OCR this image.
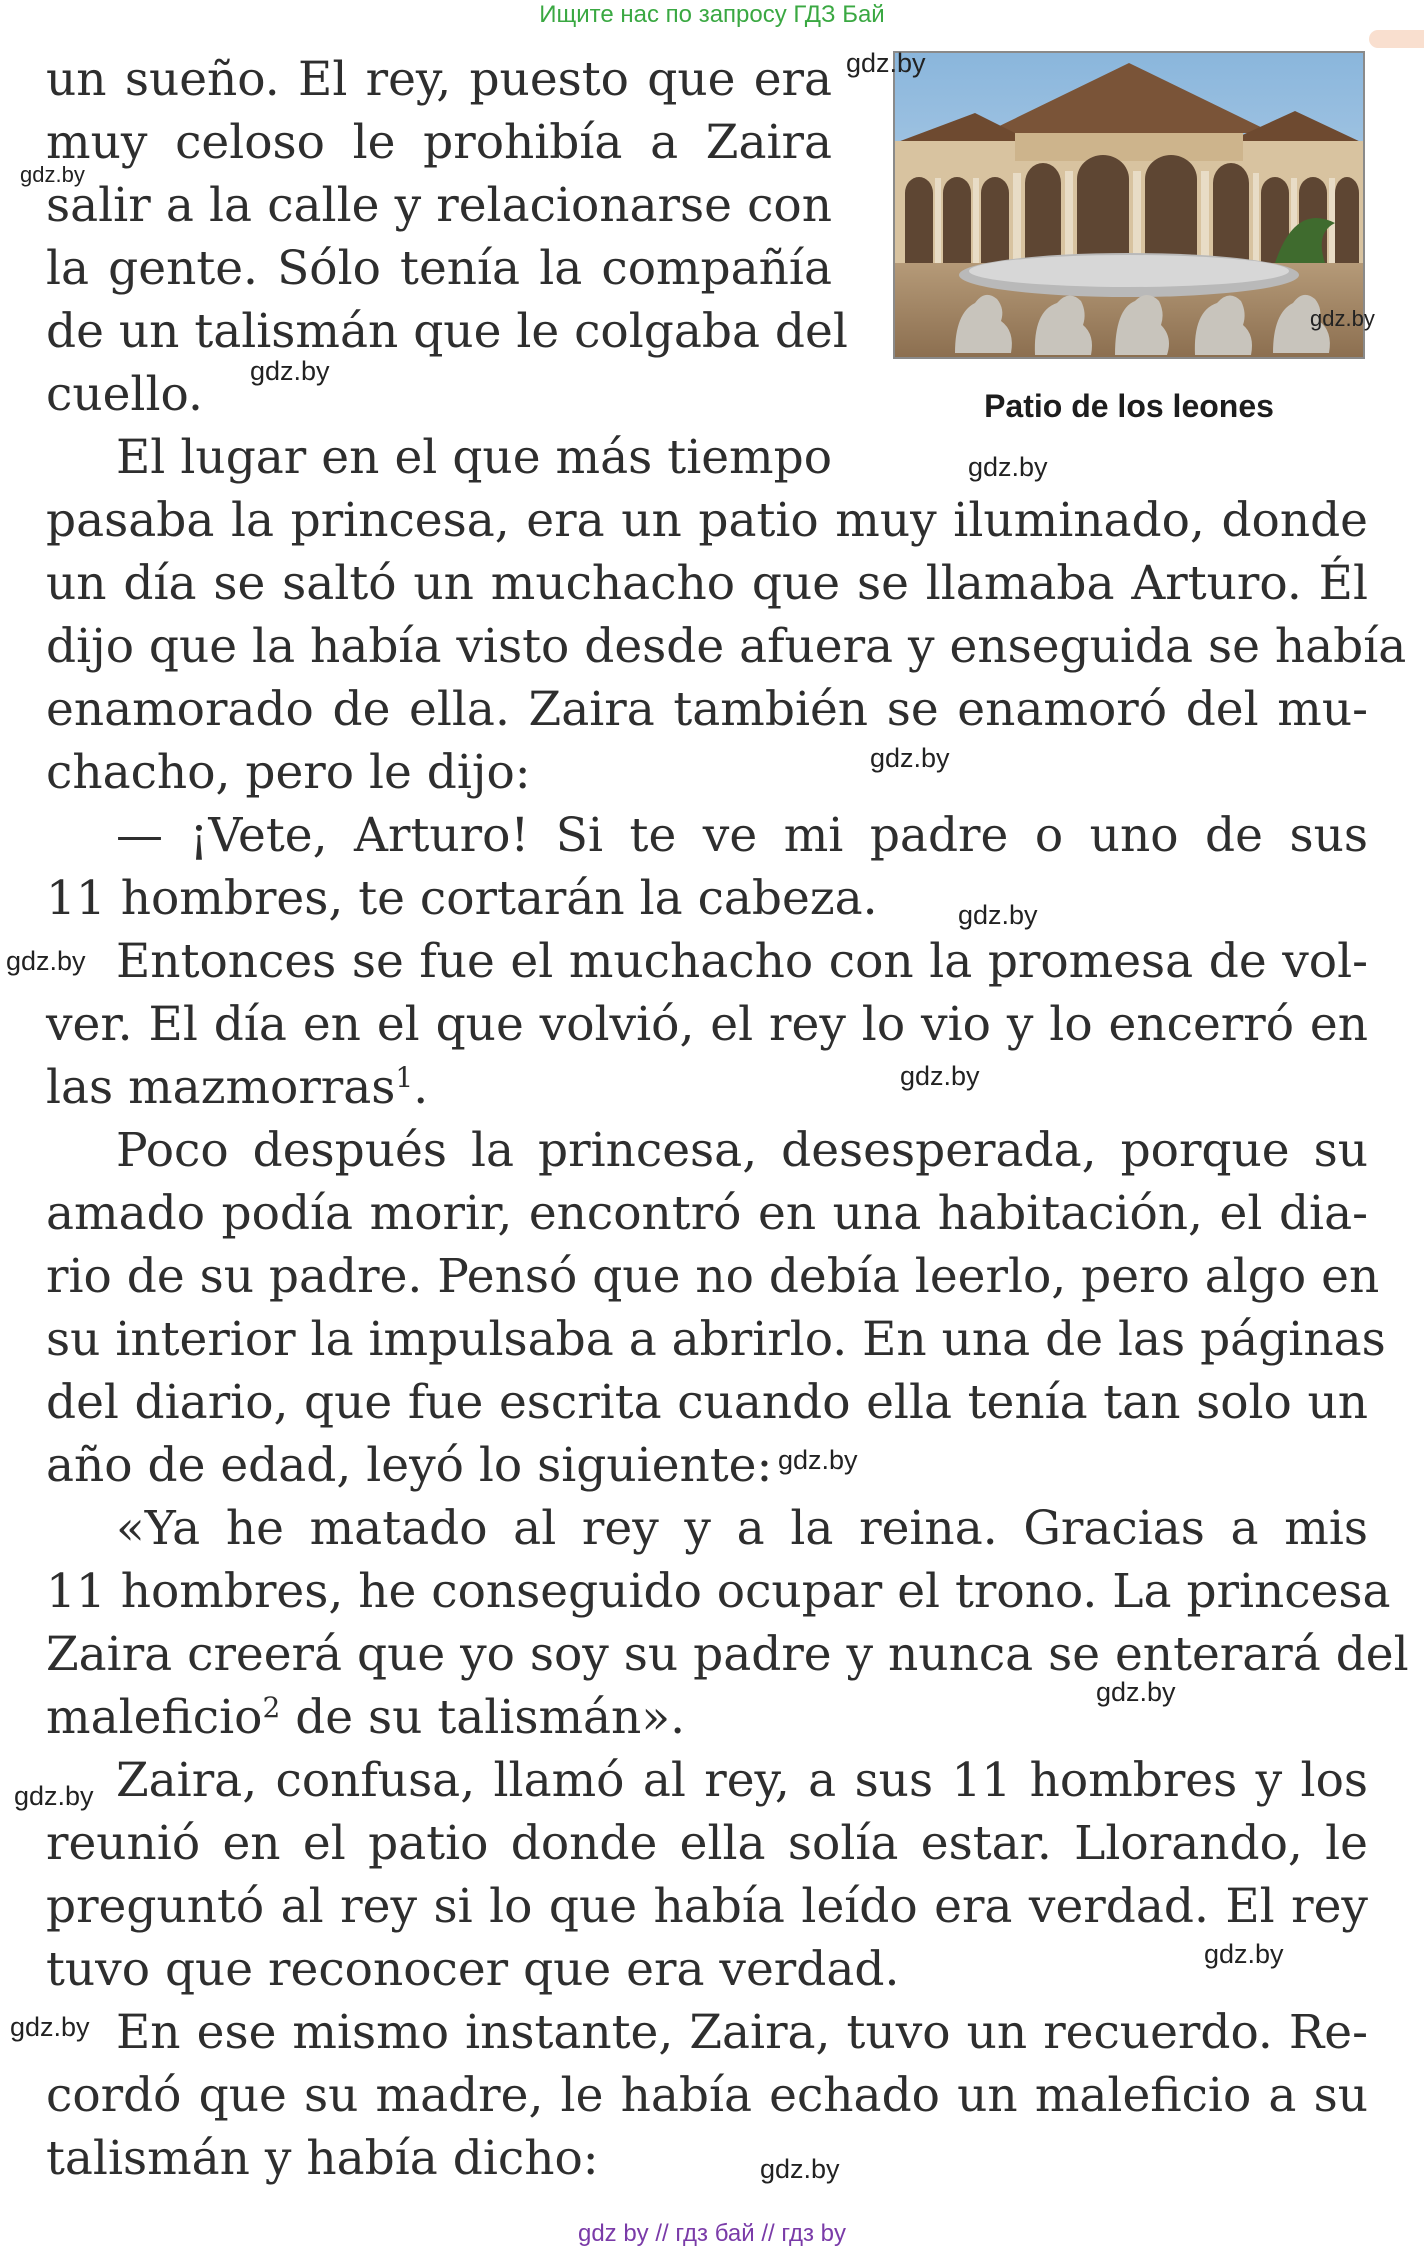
Ищите нас по запросу ГДЗ Бай
Patio de los leones
un sueño. El rey, puesto que era
muy celoso le prohibía a Zaira
salir a la calle y relacionarse con
la gente. Sólo tenía la compañía
de un talismán que le colgaba del
cuello.
El lugar en el que más tiempo
pasaba la princesa, era un patio muy iluminado, donde
un día se saltó un muchacho que se llamaba Arturo. Él
dijo que la había visto desde afuera y enseguida se había
enamorado de ella. Zaira también se enamoró del mu-
chacho, pero le dijo:
— ¡Vete, Arturo! Si te ve mi padre o uno de sus
11 hombres, te cortarán la cabeza.
Entonces se fue el muchacho con la promesa de vol-
ver. El día en el que volvió, el rey lo vio y lo encerró en
las mazmorras$^1$.
Poco después la princesa, desesperada, porque su
amado podía morir, encontró en una habitación, el dia-
rio de su padre. Pensó que no debía leerlo, pero algo en
su interior la impulsaba a abrirlo. En una de las páginas
del diario, que fue escrita cuando ella tenía tan solo un
año de edad, leyó lo siguiente:
«Ya he matado al rey y a la reina. Gracias a mis
11 hombres, he conseguido ocupar el trono. La princesa
Zaira creerá que yo soy su padre y nunca se enterará del
maleficio$^2$ de su talismán».
Zaira, confusa, llamó al rey, a sus 11 hombres y los
reunió en el patio donde ella solía estar. Llorando, le
preguntó al rey si lo que había leído era verdad. El rey
tuvo que reconocer que era verdad.
En ese mismo instante, Zaira, tuvo un recuerdo. Re-
cordó que su madre, le había echado un maleficio a su
talismán y había dicho:
gdz.by
gdz.by
gdz.by
gdz.by
gdz.by
gdz.by
gdz.by
gdz.by
gdz.by
gdz.by
gdz.by
gdz.by
gdz.by
gdz.by
gdz.by
gdz by // гдз бай // гдз by
